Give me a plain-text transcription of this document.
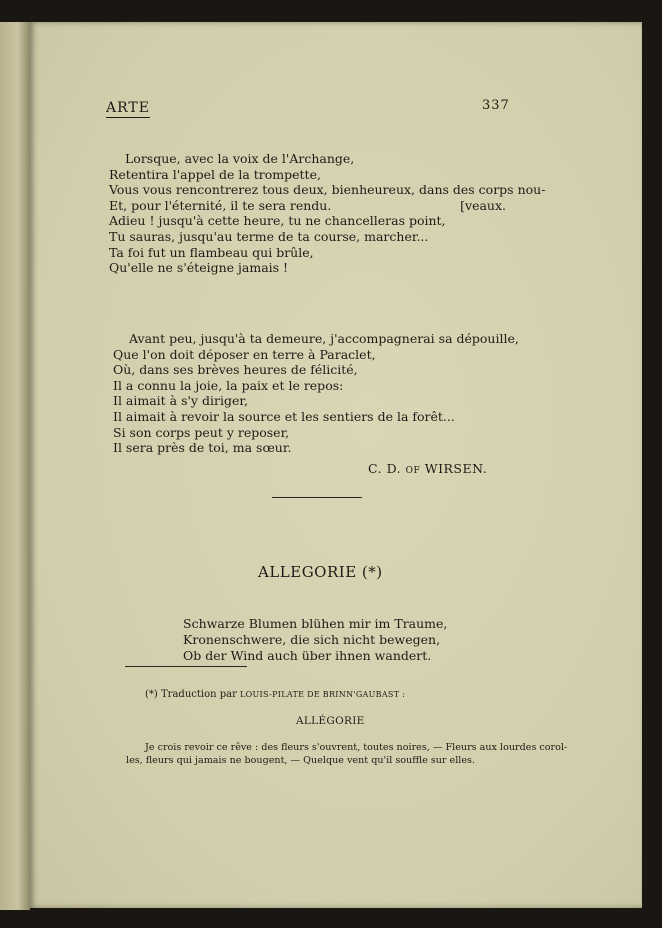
ARTE	337
Lorsque, avec la voix de l'Archange,
Retentira l'appel de la trompette,
Vous vous rencontrerez tous deux, bienheureux, dans des corps nou-
Et, pour l'éternité, il te sera rendu.	[veaux.
Adieu ! jusqu'à cette heure, tu ne chancelleras point,
Tu sauras, jusqu'au terme de ta course, marcher...
Ta foi fut un flambeau qui brûle,
Qu'elle ne s'éteigne jamais !
Avant peu, jusqu'à ta demeure, j'accompagnerai sa dépouille,
Que l'on doit déposer en terre à Paraclet,
Où, dans ses brèves heures de félicité,
Il a connu la joie, la paix et le repos:
Il aimait à s'y diriger,
Il aimait à revoir la source et les sentiers de la forêt...
Si son corps peut y reposer,
Il sera près de toi, ma sœur.
C. D. OF WIRSEN.
ALLEGORIE (*)
Schwarze Blumen blühen mir im Traume,
Kronenschwere, die sich nicht bewegen,
Ob der Wind auch über ihnen wandert.
(*) Traduction par LOUIS-PILATE DE BRINN'GAUBAST :
ALLÉGORIE
Je crois revoir ce rêve : des fleurs s'ouvrent, toutes noires, — Fleurs aux lourdes corol-
les, fleurs qui jamais ne bougent, — Quelque vent qu'il souffle sur elles.
